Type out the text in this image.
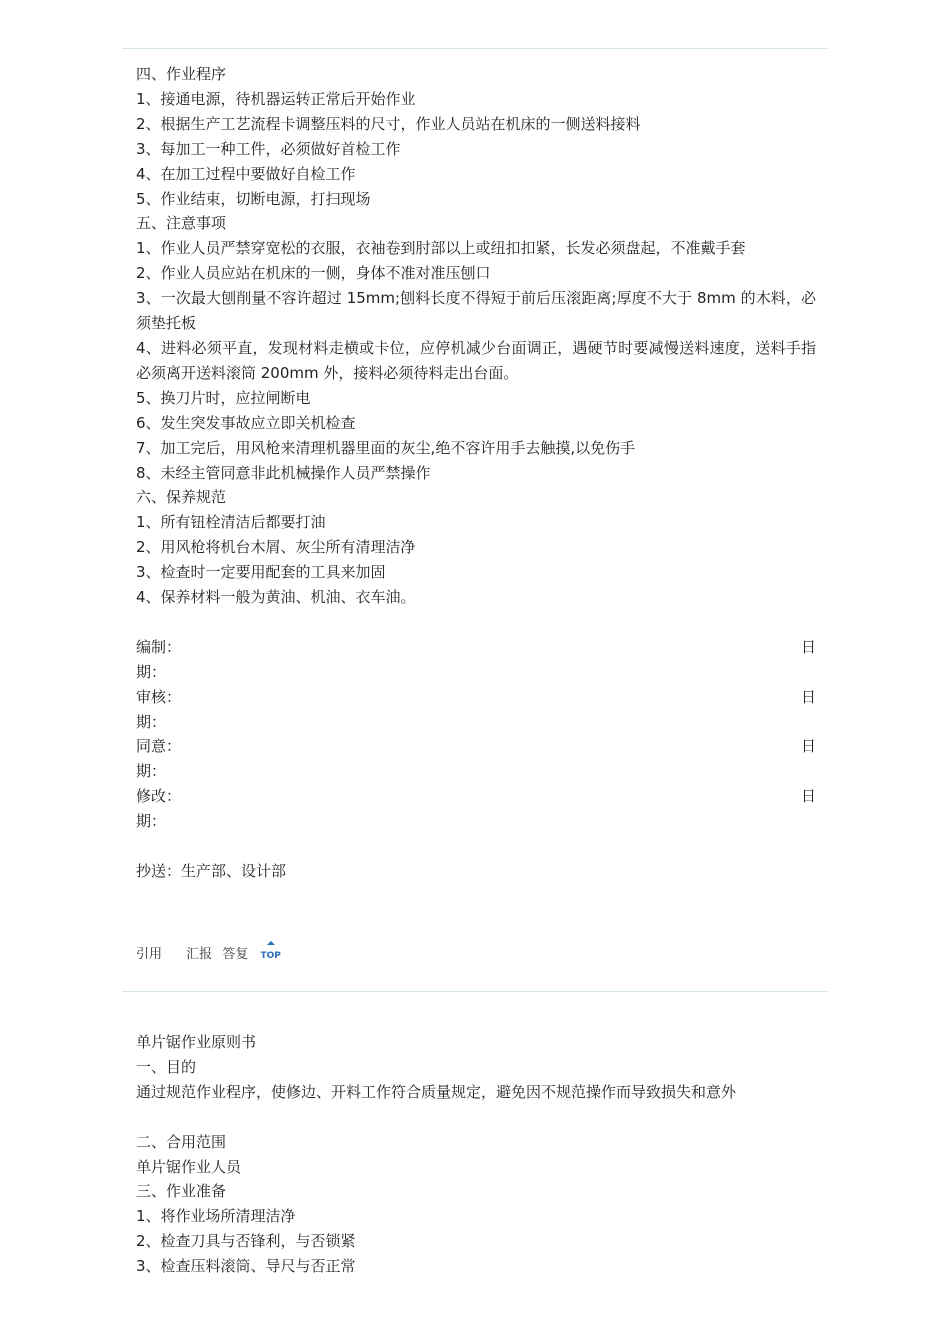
四、作业程序

1、接通电源，待机器运转正常后开始作业

2、根据生产工艺流程卡调整压料的尺寸，作业人员站在机床的一侧送料接料

3、每加工一种工件，必须做好首检工作

4、在加工过程中要做好自检工作

5、作业结束，切断电源，打扫现场

五、注意事项

1、作业人员严禁穿宽松的衣服，衣袖卷到肘部以上或纽扣扣紧，长发必须盘起，不准戴手套

2、作业人员应站在机床的一侧，身体不准对准压刨口

3、一次最大刨削量不容许超过 15mm;刨料长度不得短于前后压滚距离;厚度不大于 8mm 的木料，必须垫托板

4、进料必须平直，发现材料走横或卡位，应停机减少台面调正，遇硬节时要减慢送料速度，送料手指必须离开送料滚筒 200mm 外，接料必须待料走出台面。

5、换刀片时，应拉闸断电

6、发生突发事故应立即关机检查

7、加工完后，用风枪来清理机器里面的灰尘,绝不容许用手去触摸,以免伤手

8、未经主管同意非此机械操作人员严禁操作

六、保养规范

1、所有钮栓清洁后都要打油

2、用风枪将机台木屑、灰尘所有清理洁净

3、检查时一定要用配套的工具来加固

4、保养材料一般为黄油、机油、衣车油。

编制：	日
期：
审核：	日
期：
同意：	日
期：
修改：	日
期：

抄送：生产部、设计部

引用 汇报 答复 TOP

单片锯作业原则书

一、目的

通过规范作业程序，使修边、开料工作符合质量规定，避免因不规范操作而导致损失和意外

二、合用范围

单片锯作业人员

三、作业准备

1、将作业场所清理洁净

2、检查刀具与否锋利，与否锁紧

3、检查压料滚筒、导尺与否正常
